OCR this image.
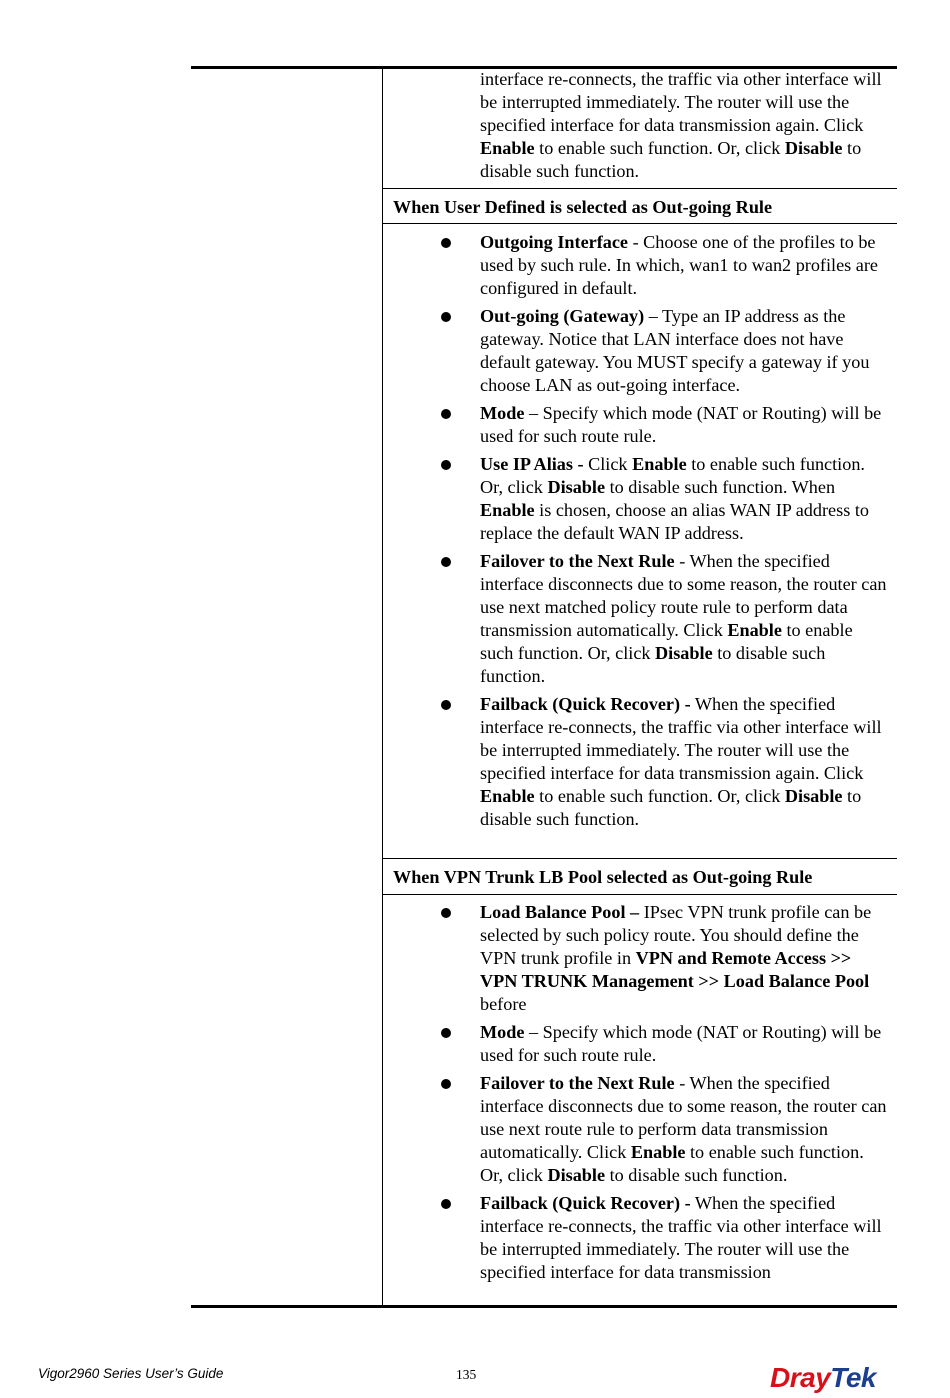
interface re-connects, the traffic via other interface will be interrupted immediately. The router will use the specified interface for data transmission again. Click Enable to enable such function. Or, click Disable to disable such function.

When User Defined is selected as Out-going Rule
Outgoing Interface - Choose one of the profiles to be used by such rule. In which, wan1 to wan2 profiles are configured in default.
Out-going (Gateway) – Type an IP address as the gateway. Notice that LAN interface does not have default gateway. You MUST specify a gateway if you choose LAN as out-going interface.
Mode – Specify which mode (NAT or Routing) will be used for such route rule.
Use IP Alias - Click Enable to enable such function. Or, click Disable to disable such function. When Enable is chosen, choose an alias WAN IP address to replace the default WAN IP address.
Failover to the Next Rule - When the specified interface disconnects due to some reason, the router can use next matched policy route rule to perform data transmission automatically. Click Enable to enable such function. Or, click Disable to disable such function.
Failback (Quick Recover) - When the specified interface re-connects, the traffic via other interface will be interrupted immediately. The router will use the specified interface for data transmission again. Click Enable to enable such function. Or, click Disable to disable such function.
When VPN Trunk LB Pool selected as Out-going Rule
Load Balance Pool – IPsec VPN trunk profile can be selected by such policy route. You should define the VPN trunk profile in VPN and Remote Access >> VPN TRUNK Management >> Load Balance Pool before
Mode – Specify which mode (NAT or Routing) will be used for such route rule.
Failover to the Next Rule - When the specified interface disconnects due to some reason, the router can use next route rule to perform data transmission automatically. Click Enable to enable such function. Or, click Disable to disable such function.
Failback (Quick Recover) - When the specified interface re-connects, the traffic via other interface will be interrupted immediately. The router will use the specified interface for data transmission
Vigor2960 Series User’s Guide	135	DrayTek
